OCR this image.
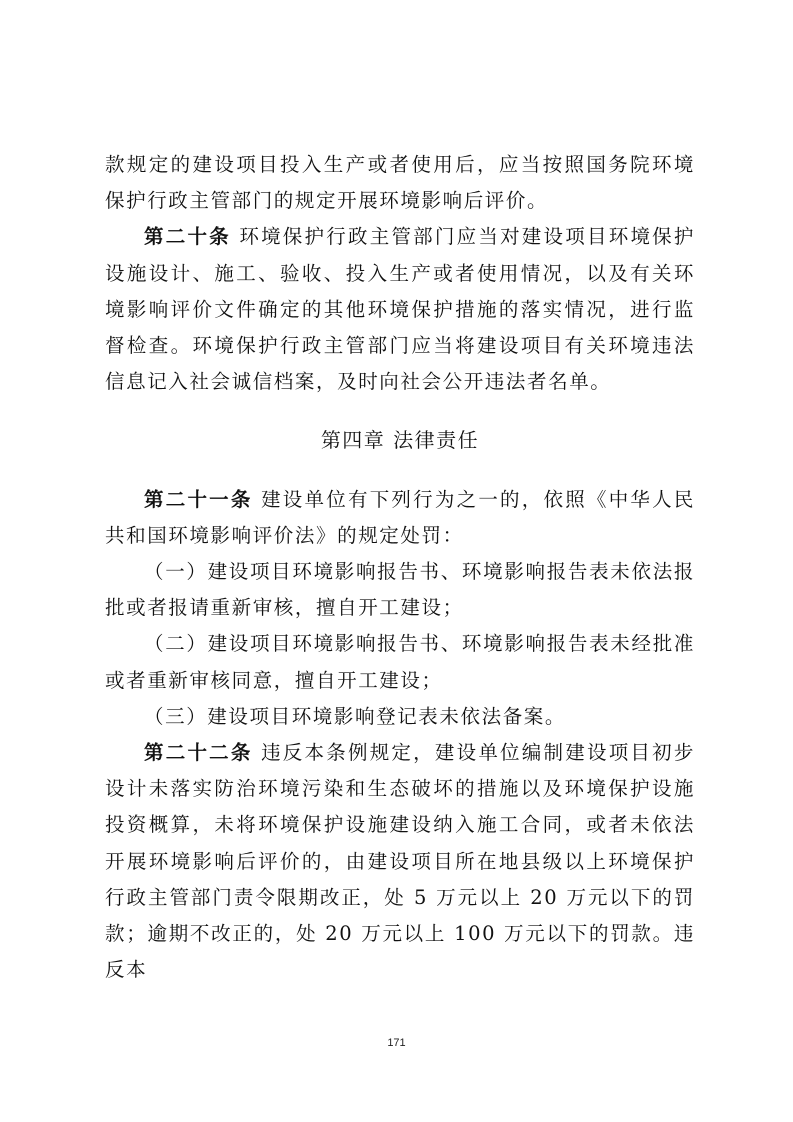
款规定的建设项目投入生产或者使用后，应当按照国务院环境保护行政主管部门的规定开展环境影响后评价。

第二十条 环境保护行政主管部门应当对建设项目环境保护设施设计、施工、验收、投入生产或者使用情况，以及有关环境影响评价文件确定的其他环境保护措施的落实情况，进行监督检查。环境保护行政主管部门应当将建设项目有关环境违法信息记入社会诚信档案，及时向社会公开违法者名单。

第四章 法律责任

第二十一条 建设单位有下列行为之一的，依照《中华人民共和国环境影响评价法》的规定处罚：

（一）建设项目环境影响报告书、环境影响报告表未依法报批或者报请重新审核，擅自开工建设；

（二）建设项目环境影响报告书、环境影响报告表未经批准或者重新审核同意，擅自开工建设；

（三）建设项目环境影响登记表未依法备案。

第二十二条 违反本条例规定，建设单位编制建设项目初步设计未落实防治环境污染和生态破坏的措施以及环境保护设施投资概算，未将环境保护设施建设纳入施工合同，或者未依法开展环境影响后评价的，由建设项目所在地县级以上环境保护行政主管部门责令限期改正，处 5 万元以上 20 万元以下的罚款；逾期不改正的，处 20 万元以上 100 万元以下的罚款。违反本

171
